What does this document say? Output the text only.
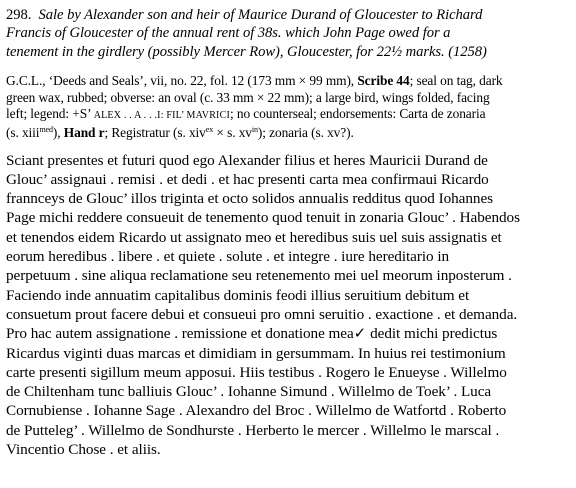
298. Sale by Alexander son and heir of Maurice Durand of Gloucester to Richard
Francis of Gloucester of the annual rent of 38s. which John Page owed for a
tenement in the girdlery (possibly Mercer Row), Gloucester, for 22½ marks. (1258)
G.C.L., ‘Deeds and Seals’, vii, no. 22, fol. 12 (173 mm × 99 mm), Scribe 44; seal on tag, dark
green wax, rubbed; obverse: an oval (c. 33 mm × 22 mm); a large bird, wings folded, facing
left; legend: +S’ ALEX . . A . . .I: FIL’ MAVRICI; no counterseal; endorsements: Carta de zonaria
(s. xiii$^{med}$), Hand r; Registratur (s. xiv$^{ex}$ × s. $xv^{in}$); zonaria (s. xv?).
Sciant presentes et futuri quod ego Alexander filius et heres Mauricii Durand de
Glouc’ assignaui . remisi . et dedi . et hac presenti carta mea confirmaui Ricardo
frannceys de Glouc’ illos triginta et octo solidos annualis redditus quod Iohannes
Page michi reddere consueuit de tenemento quod tenuit in zonaria Glouc’ . Habendos
et tenendos eidem Ricardo ut assignato meo et heredibus suis uel suis assignatis et
eorum heredibus . libere . et quiete . solute . et integre . iure hereditario in
perpetuum . sine aliqua reclamatione seu retenemento mei uel meorum inposterum .
Faciendo inde annuatim capitalibus dominis feodi illius seruitium debitum et
consuetum prout facere debui et consueui pro omni seruitio . exactione . et demanda.
Pro hac autem assignatione . remissione et donatione mea✓ dedit michi predictus
Ricardus viginti duas marcas et dimidiam in gersummam. In huius rei testimonium
carte presenti sigillum meum apposui. Hiis testibus . Rogero le Enueyse . Willelmo
de Chiltenham tunc balliuis Glouc’ . Iohanne Simund . Willelmo de Toek’ . Luca
Cornubiense . Iohanne Sage . Alexandro del Broc . Willelmo de Watfortd . Roberto
de Putteleg’ . Willelmo de Sondhurste . Herberto le mercer . Willelmo le marscal .
Vincentio Chose . et aliis.
